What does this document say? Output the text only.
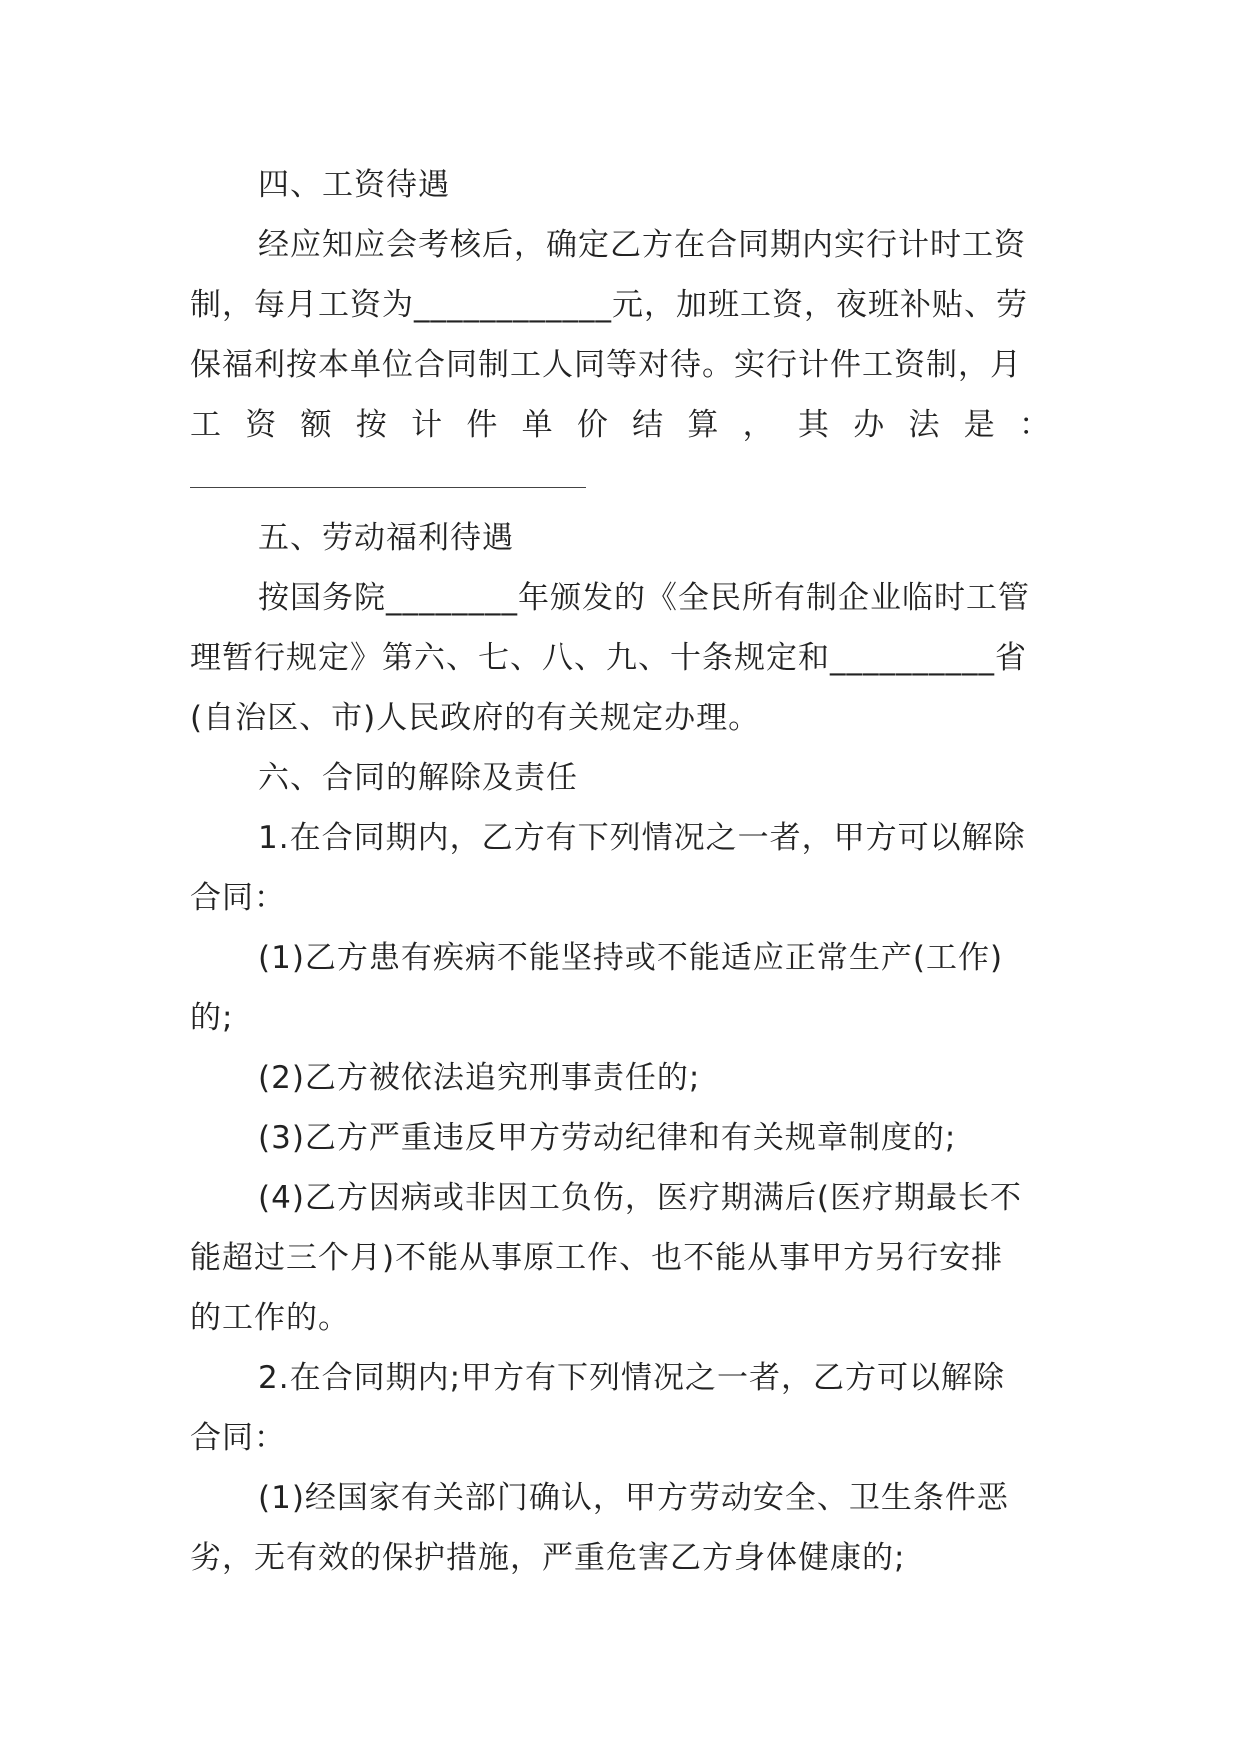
四、工资待遇
经应知应会考核后，确定乙方在合同期内实行计时工资
制，每月工资为____________元，加班工资，夜班补贴、劳
保福利按本单位合同制工人同等对待。实行计件工资制，月
工 资 额 按 计 件 单 价 结 算 ， 其 办 法 是 ：
五、劳动福利待遇
按国务院________年颁发的《全民所有制企业临时工管
理暂行规定》第六、七、八、九、十条规定和__________省
(自治区、市)人民政府的有关规定办理。
六、合同的解除及责任
1.在合同期内，乙方有下列情况之一者，甲方可以解除
合同：
(1)乙方患有疾病不能坚持或不能适应正常生产(工作)
的;
(2)乙方被依法追究刑事责任的;
(3)乙方严重违反甲方劳动纪律和有关规章制度的;
(4)乙方因病或非因工负伤，医疗期满后(医疗期最长不
能超过三个月)不能从事原工作、也不能从事甲方另行安排
的工作的。
2.在合同期内;甲方有下列情况之一者，乙方可以解除
合同：
(1)经国家有关部门确认，甲方劳动安全、卫生条件恶
劣，无有效的保护措施，严重危害乙方身体健康的;
